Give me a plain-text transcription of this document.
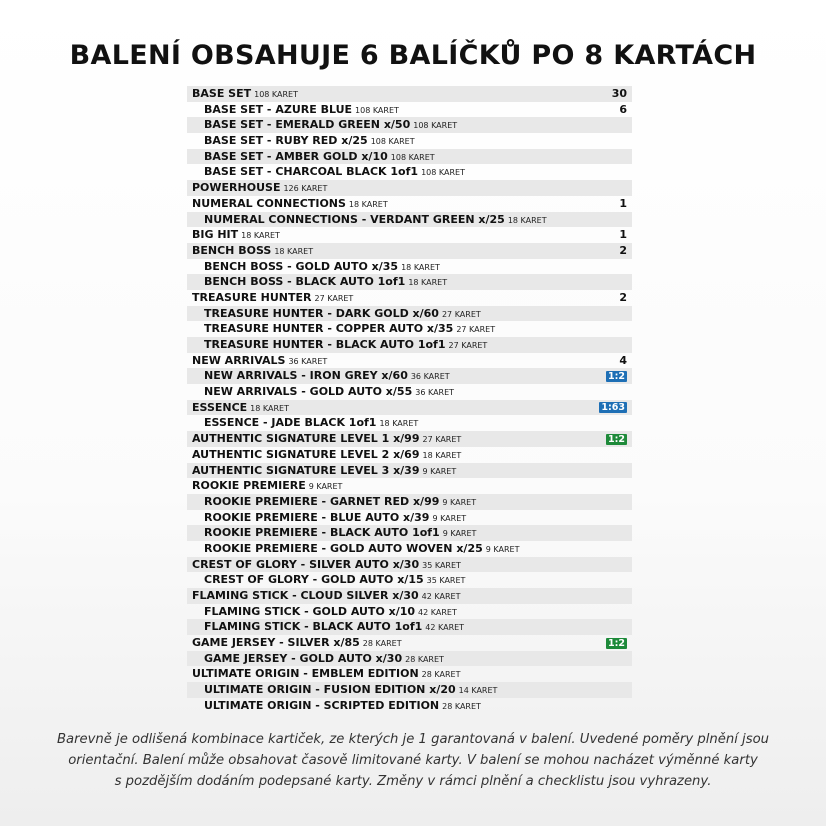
BALENÍ OBSAHUJE 6 BALÍČKŮ PO 8 KARTÁCH
BASE SET 108 KARET	30
BASE SET - AZURE BLUE 108 KARET	6
BASE SET - EMERALD GREEN x/50 108 KARET
BASE SET - RUBY RED x/25 108 KARET
BASE SET - AMBER GOLD x/10 108 KARET
BASE SET - CHARCOAL BLACK 1of1 108 KARET
POWERHOUSE 126 KARET
NUMERAL CONNECTIONS 18 KARET	1
NUMERAL CONNECTIONS - VERDANT GREEN x/25 18 KARET
BIG HIT 18 KARET	1
BENCH BOSS 18 KARET	2
BENCH BOSS - GOLD AUTO x/35 18 KARET
BENCH BOSS - BLACK AUTO 1of1 18 KARET
TREASURE HUNTER 27 KARET	2
TREASURE HUNTER - DARK GOLD x/60 27 KARET
TREASURE HUNTER - COPPER AUTO x/35 27 KARET
TREASURE HUNTER - BLACK AUTO 1of1 27 KARET
NEW ARRIVALS 36 KARET	4
NEW ARRIVALS - IRON GREY x/60 36 KARET	1:2
NEW ARRIVALS - GOLD AUTO x/55 36 KARET
ESSENCE 18 KARET	1:63
ESSENCE - JADE BLACK 1of1 18 KARET
AUTHENTIC SIGNATURE LEVEL 1 x/99 27 KARET	1:2
AUTHENTIC SIGNATURE LEVEL 2 x/69 18 KARET
AUTHENTIC SIGNATURE LEVEL 3 x/39 9 KARET
ROOKIE PREMIERE 9 KARET
ROOKIE PREMIERE - GARNET RED x/99 9 KARET
ROOKIE PREMIERE - BLUE AUTO x/39 9 KARET
ROOKIE PREMIERE - BLACK AUTO 1of1 9 KARET
ROOKIE PREMIERE - GOLD AUTO WOVEN x/25 9 KARET
CREST OF GLORY - SILVER AUTO x/30 35 KARET
CREST OF GLORY - GOLD AUTO x/15 35 KARET
FLAMING STICK - CLOUD SILVER x/30 42 KARET
FLAMING STICK - GOLD AUTO x/10 42 KARET
FLAMING STICK - BLACK AUTO 1of1 42 KARET
GAME JERSEY - SILVER x/85 28 KARET	1:2
GAME JERSEY - GOLD AUTO x/30 28 KARET
ULTIMATE ORIGIN - EMBLEM EDITION 28 KARET
ULTIMATE ORIGIN - FUSION EDITION x/20 14 KARET
ULTIMATE ORIGIN - SCRIPTED EDITION 28 KARET
Barevně je odlišená kombinace kartiček, ze kterých je 1 garantovaná v balení. Uvedené poměry plnění jsou
orientační. Balení může obsahovat časově limitované karty. V balení se mohou nacházet výměnné karty
s pozdějším dodáním podepsané karty. Změny v rámci plnění a checklistu jsou vyhrazeny.
